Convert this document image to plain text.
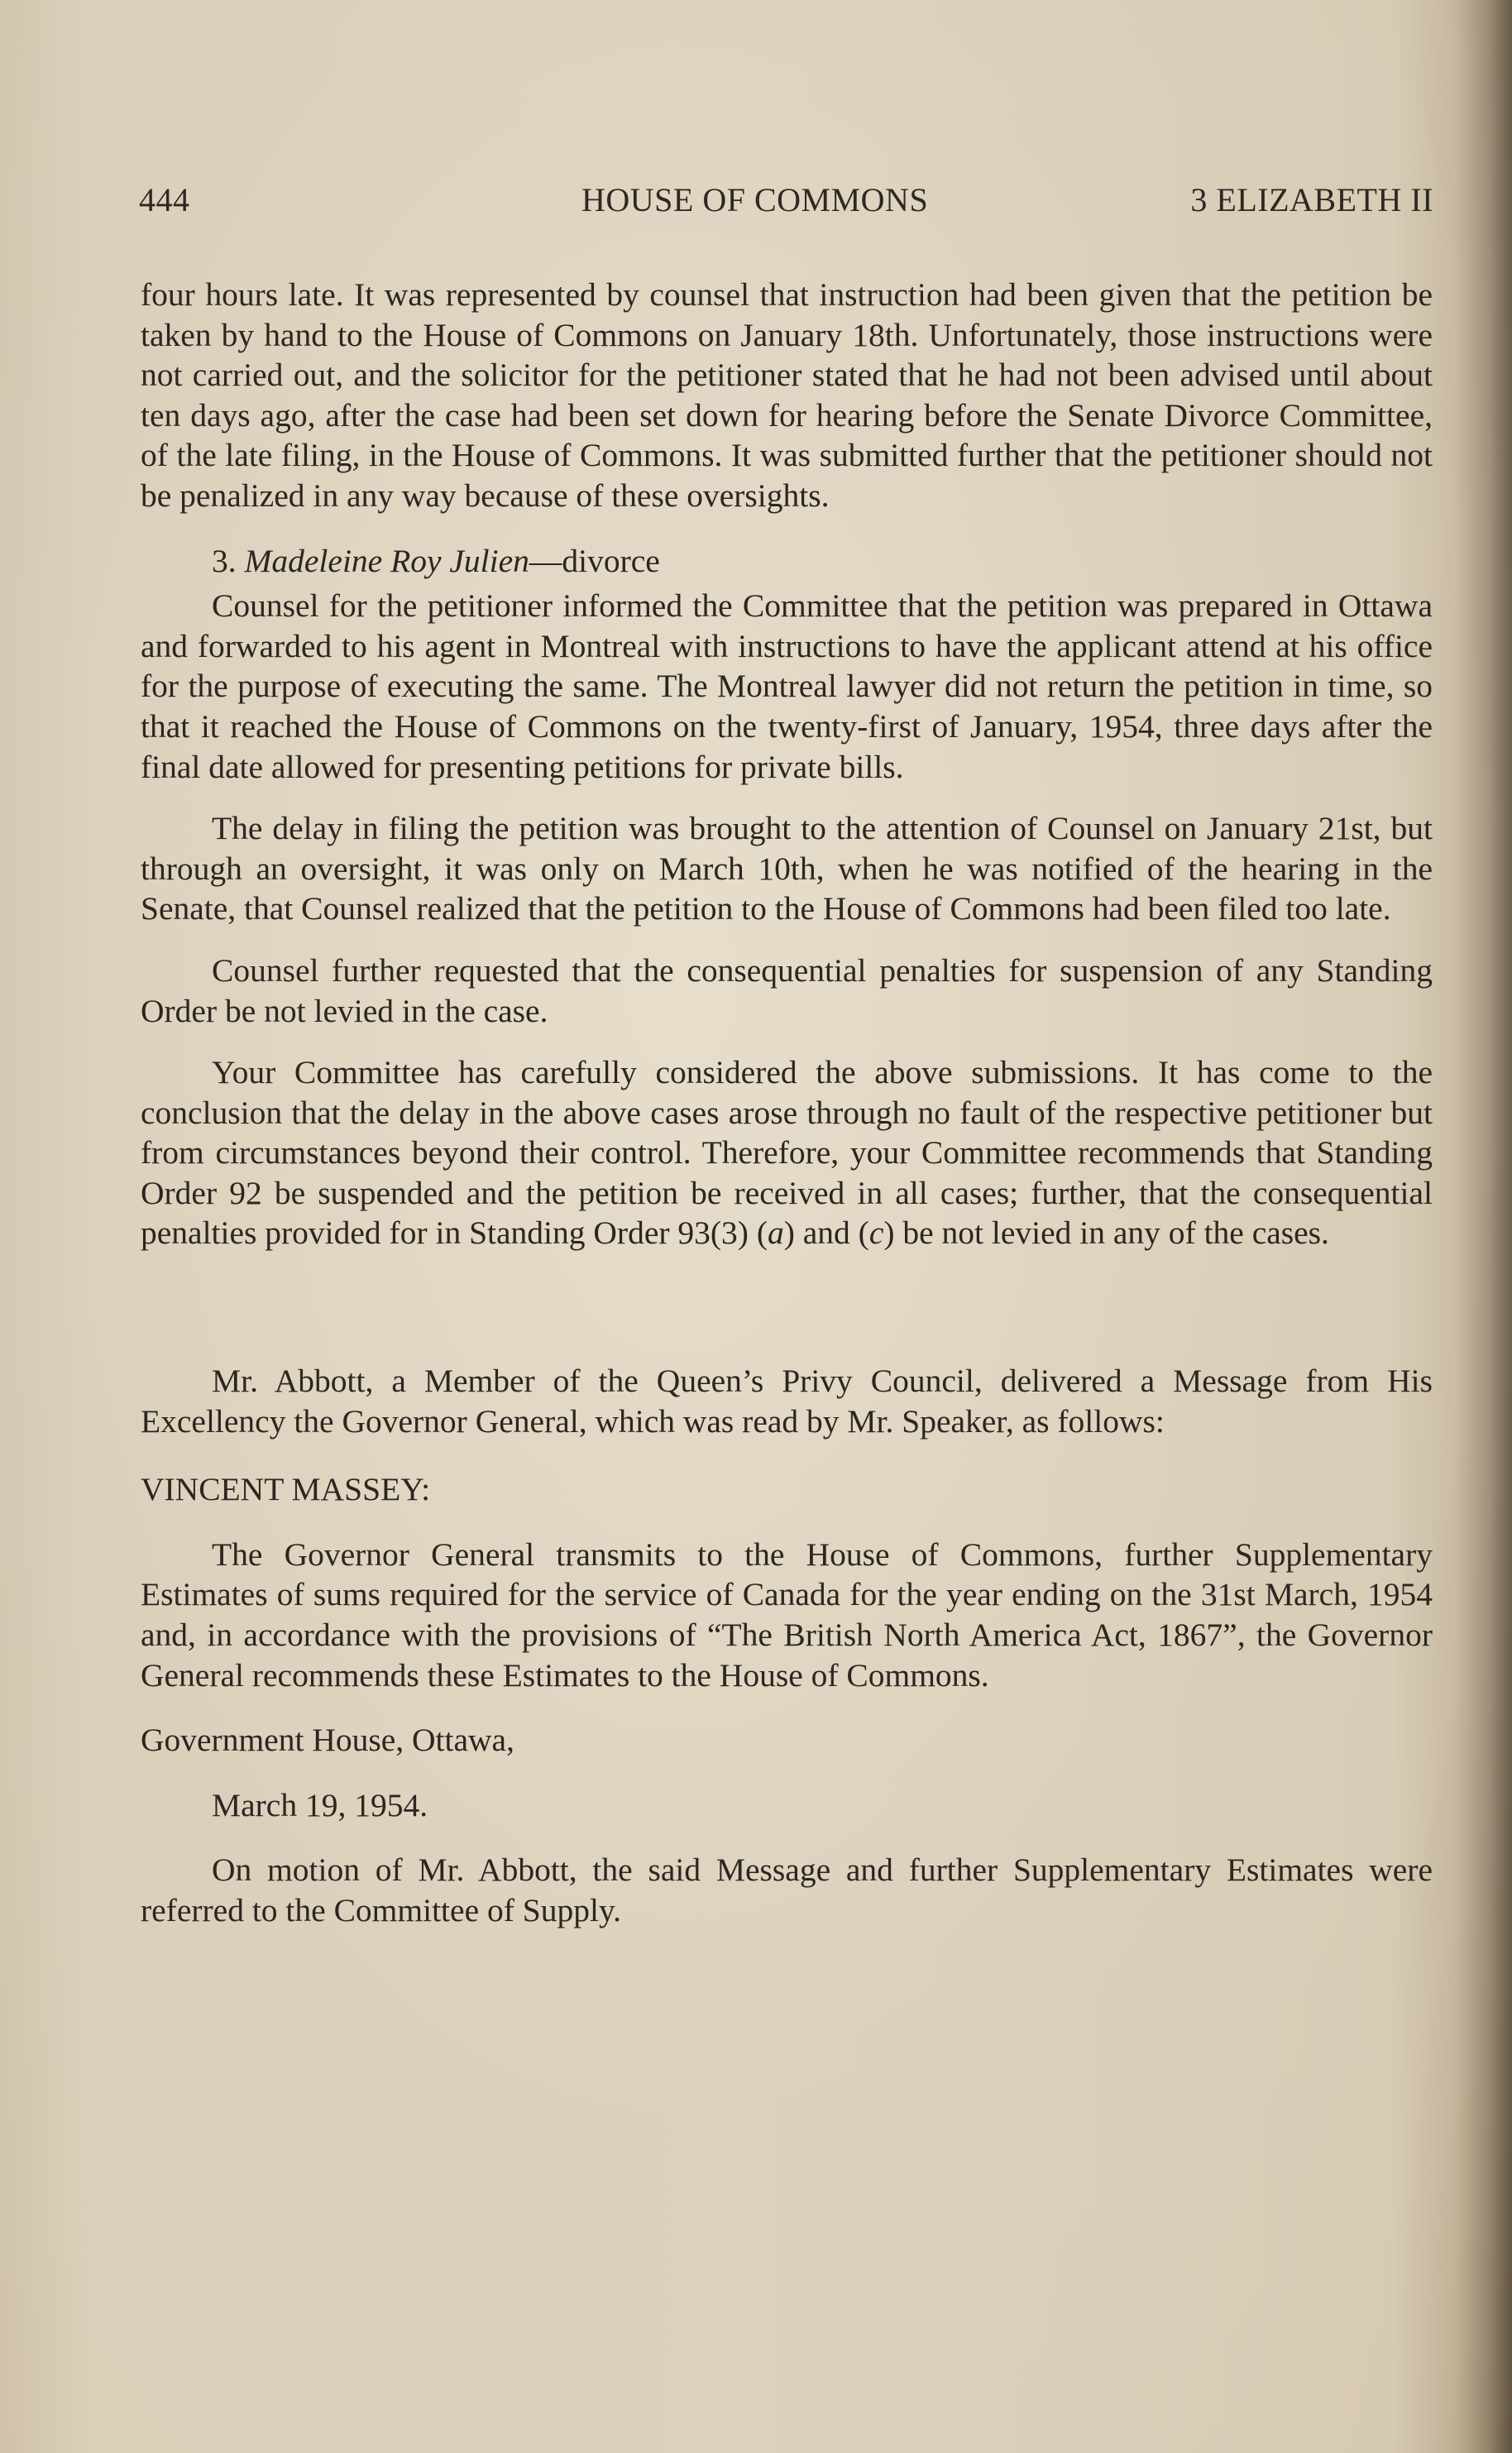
444	HOUSE OF COMMONS	3 ELIZABETH II

four hours late. It was represented by counsel that instruction had been given that the petition be taken by hand to the House of Commons on January 18th. Unfortunately, those instructions were not carried out, and the solicitor for the petitioner stated that he had not been advised until about ten days ago, after the case had been set down for hearing before the Senate Divorce Committee, of the late filing, in the House of Commons. It was submitted further that the petitioner should not be penalized in any way because of these oversights.

3. Madeleine Roy Julien—divorce

Counsel for the petitioner informed the Committee that the petition was prepared in Ottawa and forwarded to his agent in Montreal with instructions to have the applicant attend at his office for the purpose of executing the same. The Montreal lawyer did not return the petition in time, so that it reached the House of Commons on the twenty-first of January, 1954, three days after the final date allowed for presenting petitions for private bills.

The delay in filing the petition was brought to the attention of Counsel on January 21st, but through an oversight, it was only on March 10th, when he was notified of the hearing in the Senate, that Counsel realized that the petition to the House of Commons had been filed too late.

Counsel further requested that the consequential penalties for suspension of any Standing Order be not levied in the case.

Your Committee has carefully considered the above submissions. It has come to the conclusion that the delay in the above cases arose through no fault of the respective petitioner but from circumstances beyond their control. Therefore, your Committee recommends that Standing Order 92 be suspended and the petition be received in all cases; further, that the consequential penalties provided for in Standing Order 93(3) (a) and (c) be not levied in any of the cases.

Mr. Abbott, a Member of the Queen’s Privy Council, delivered a Message from His Excellency the Governor General, which was read by Mr. Speaker, as follows:

VINCENT MASSEY:

The Governor General transmits to the House of Commons, further Supplementary Estimates of sums required for the service of Canada for the year ending on the 31st March, 1954 and, in accordance with the provisions of “The British North America Act, 1867”, the Governor General recommends these Estimates to the House of Commons.

Government House, Ottawa,

March 19, 1954.

On motion of Mr. Abbott, the said Message and further Supplementary Estimates were referred to the Committee of Supply.
